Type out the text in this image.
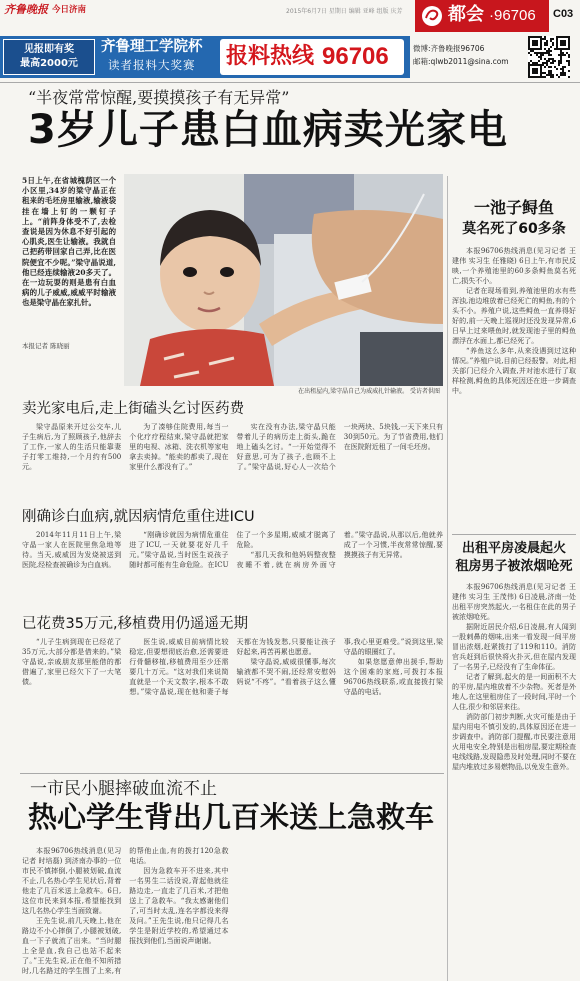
齐鲁晚报 今日济南	2015年6月7日 星期日 编辑 亚峰 组版 庆芳	都会 ·96706 C03
见报即有奖
最高2000元
齐鲁理工学院杯
读者报料大奖赛 报料热线 96706	微博:齐鲁晚报96706
邮箱:qlwb2011@sina.com
“半夜常常惊醒,要摸摸孩子有无异常”
3岁儿子患白血病卖光家电
5日上午,在省城槐荫区一个小区里,34岁的梁守晶正在租来的毛坯房里输液,输液袋挂在墙上钉的一颗钉子上。“前阵身体受不了,去检查说是因为休息不好引起的心肌炎,医生让输液。我就自己把药带回家自己弄,比在医院便宜不少呢。”梁守晶说道,他已经连续输液20多天了。在一边玩耍的则是患有白血病的儿子威威,威威平时输液也是梁守晶在家扎针。
本报记者 陈晓丽
在出租屋内,梁守晶自己为威威扎针输液。 受访者供图
卖光家电后,走上街磕头乞讨医药费

梁守晶原来开过公交车,儿子生病后,为了照顾孩子,他辞去了工作,一家人的生活只能靠妻子打零工维持,一个月约有500元。

为了凑够住院费用,每当一个化疗疗程结束,梁守晶就把家里的电视、冰箱、洗衣机等家电拿去卖掉。“能卖的都卖了,现在家里什么都没有了。”

实在没有办法,梁守晶只能带着儿子的病历走上街头,跪在地上磕头乞讨。“一开始觉得不好意思,可为了孩子,也顾不上了。”梁守晶说,好心人一次给个一块两块、5块钱,一天下来只有30到50元。为了节省费用,他们在医院附近租了一间毛坯房。

刚确诊白血病,就因病情危重住进ICU

2014年11月11日上午,梁守晶一家人在医院里焦急地等待。当天,威威因为发烧被送到医院,经检查被确诊为白血病。

“刚确诊就因为病情危重住进了ICU,一天就要花好几千元。”梁守晶说,当时医生说孩子随时都可能有生命危险。在ICU住了一个多星期,威威才脱离了危险。

“那几天我和他妈妈整夜整夜睡不着,就在病房外面守着。”梁守晶说,从那以后,他就养成了一个习惯,半夜常常惊醒,要摸摸孩子有无异常。

已花费35万元,移植费用仍遥遥无期

“儿子生病到现在已经花了35万元,大部分都是借来的。”梁守晶说,亲戚朋友那里能借的都借遍了,家里已经欠下了一大笔债。

医生说,威威目前病情比较稳定,但要想彻底治愈,还需要进行骨髓移植,移植费用至少还需要几十万元。“这对我们来说简直就是一个天文数字,根本不敢想。”梁守晶说,现在他和妻子每天都在为钱发愁,只要能让孩子好起来,再苦再累也愿意。

梁守晶说,威威很懂事,每次输液都不哭不闹,还经常安慰妈妈说“不疼”。“看着孩子这么懂事,我心里更难受。”说到这里,梁守晶的眼圈红了。

如果您愿意伸出援手,帮助这个困难的家庭,可拨打本报96706热线联系,或直接拨打梁守晶的电话。

一市民小腿摔破血流不止
热心学生背出几百米送上急救车

本报96706热线消息(见习记者 时培磊) 到济南办事的一位市民不慎摔倒,小腿被划破,血流不止,几名热心学生见状后,背着他走了几百米送上急救车。6日,这位市民来到本报,希望能找到这几名热心学生当面致谢。

王先生说,前几天晚上,他在路边不小心摔倒了,小腿被划破,血一下子就流了出来。“当时腿上全是血,我自己也站不起来了。”王先生说,正在他不知所措时,几名路过的学生围了上来,有的帮他止血,有的拨打120急救电话。

因为急救车开不进来,其中一名男生二话没说,背起他就往路边走,一直走了几百米,才把他送上了急救车。“我太感谢他们了,可当时太乱,连名字都没来得及问。”王先生说,他只记得几名学生是附近学校的,希望通过本报找到他们,当面说声谢谢。

一池子鲟鱼
莫名死了60多条

本报96706热线消息(见习记者 王建伟 实习生 任雅晓) 6日上午,有市民反映,一个养殖池里的60多条鲟鱼莫名死亡,损失不小。

记者在现场看到,养殖池里的水有些浑浊,池边堆放着已经死亡的鲟鱼,有的个头不小。养殖户说,这些鲟鱼一直养得好好的,前一天晚上巡视时还没发现异常,6日早上过来喂鱼时,就发现池子里的鲟鱼漂浮在水面上,都已经死了。

“养鱼这么多年,从来没遇到过这种情况。”养殖户说,目前已经报警。对此,相关部门已经介入调查,并对池水进行了取样检测,鲟鱼的具体死因还在进一步调查中。

出租平房凌晨起火
租房男子被浓烟呛死

本报96706热线消息(见习记者 王建伟 实习生 王茂伟) 6日凌晨,济南一处出租平房突然起火,一名租住在此的男子被浓烟呛死。

据附近居民介绍,6日凌晨,有人闻到一股刺鼻的烟味,出来一看发现一间平房冒出浓烟,赶紧拨打了119和110。消防官兵赶到后很快将火扑灭,但在屋内发现了一名男子,已经没有了生命体征。

记者了解到,起火的是一间面积不大的平房,屋内堆放着不少杂物。死者是外地人,在这里租房住了一段时间,平时一个人住,很少和邻居来往。

消防部门初步判断,火灾可能是由于屋内用电不慎引发的,具体原因还在进一步调查中。消防部门提醒,市民要注意用火用电安全,特别是出租房屋,要定期检查电线线路,发现隐患及时处理,同时不要在屋内堆放过多易燃物品,以免发生意外。
